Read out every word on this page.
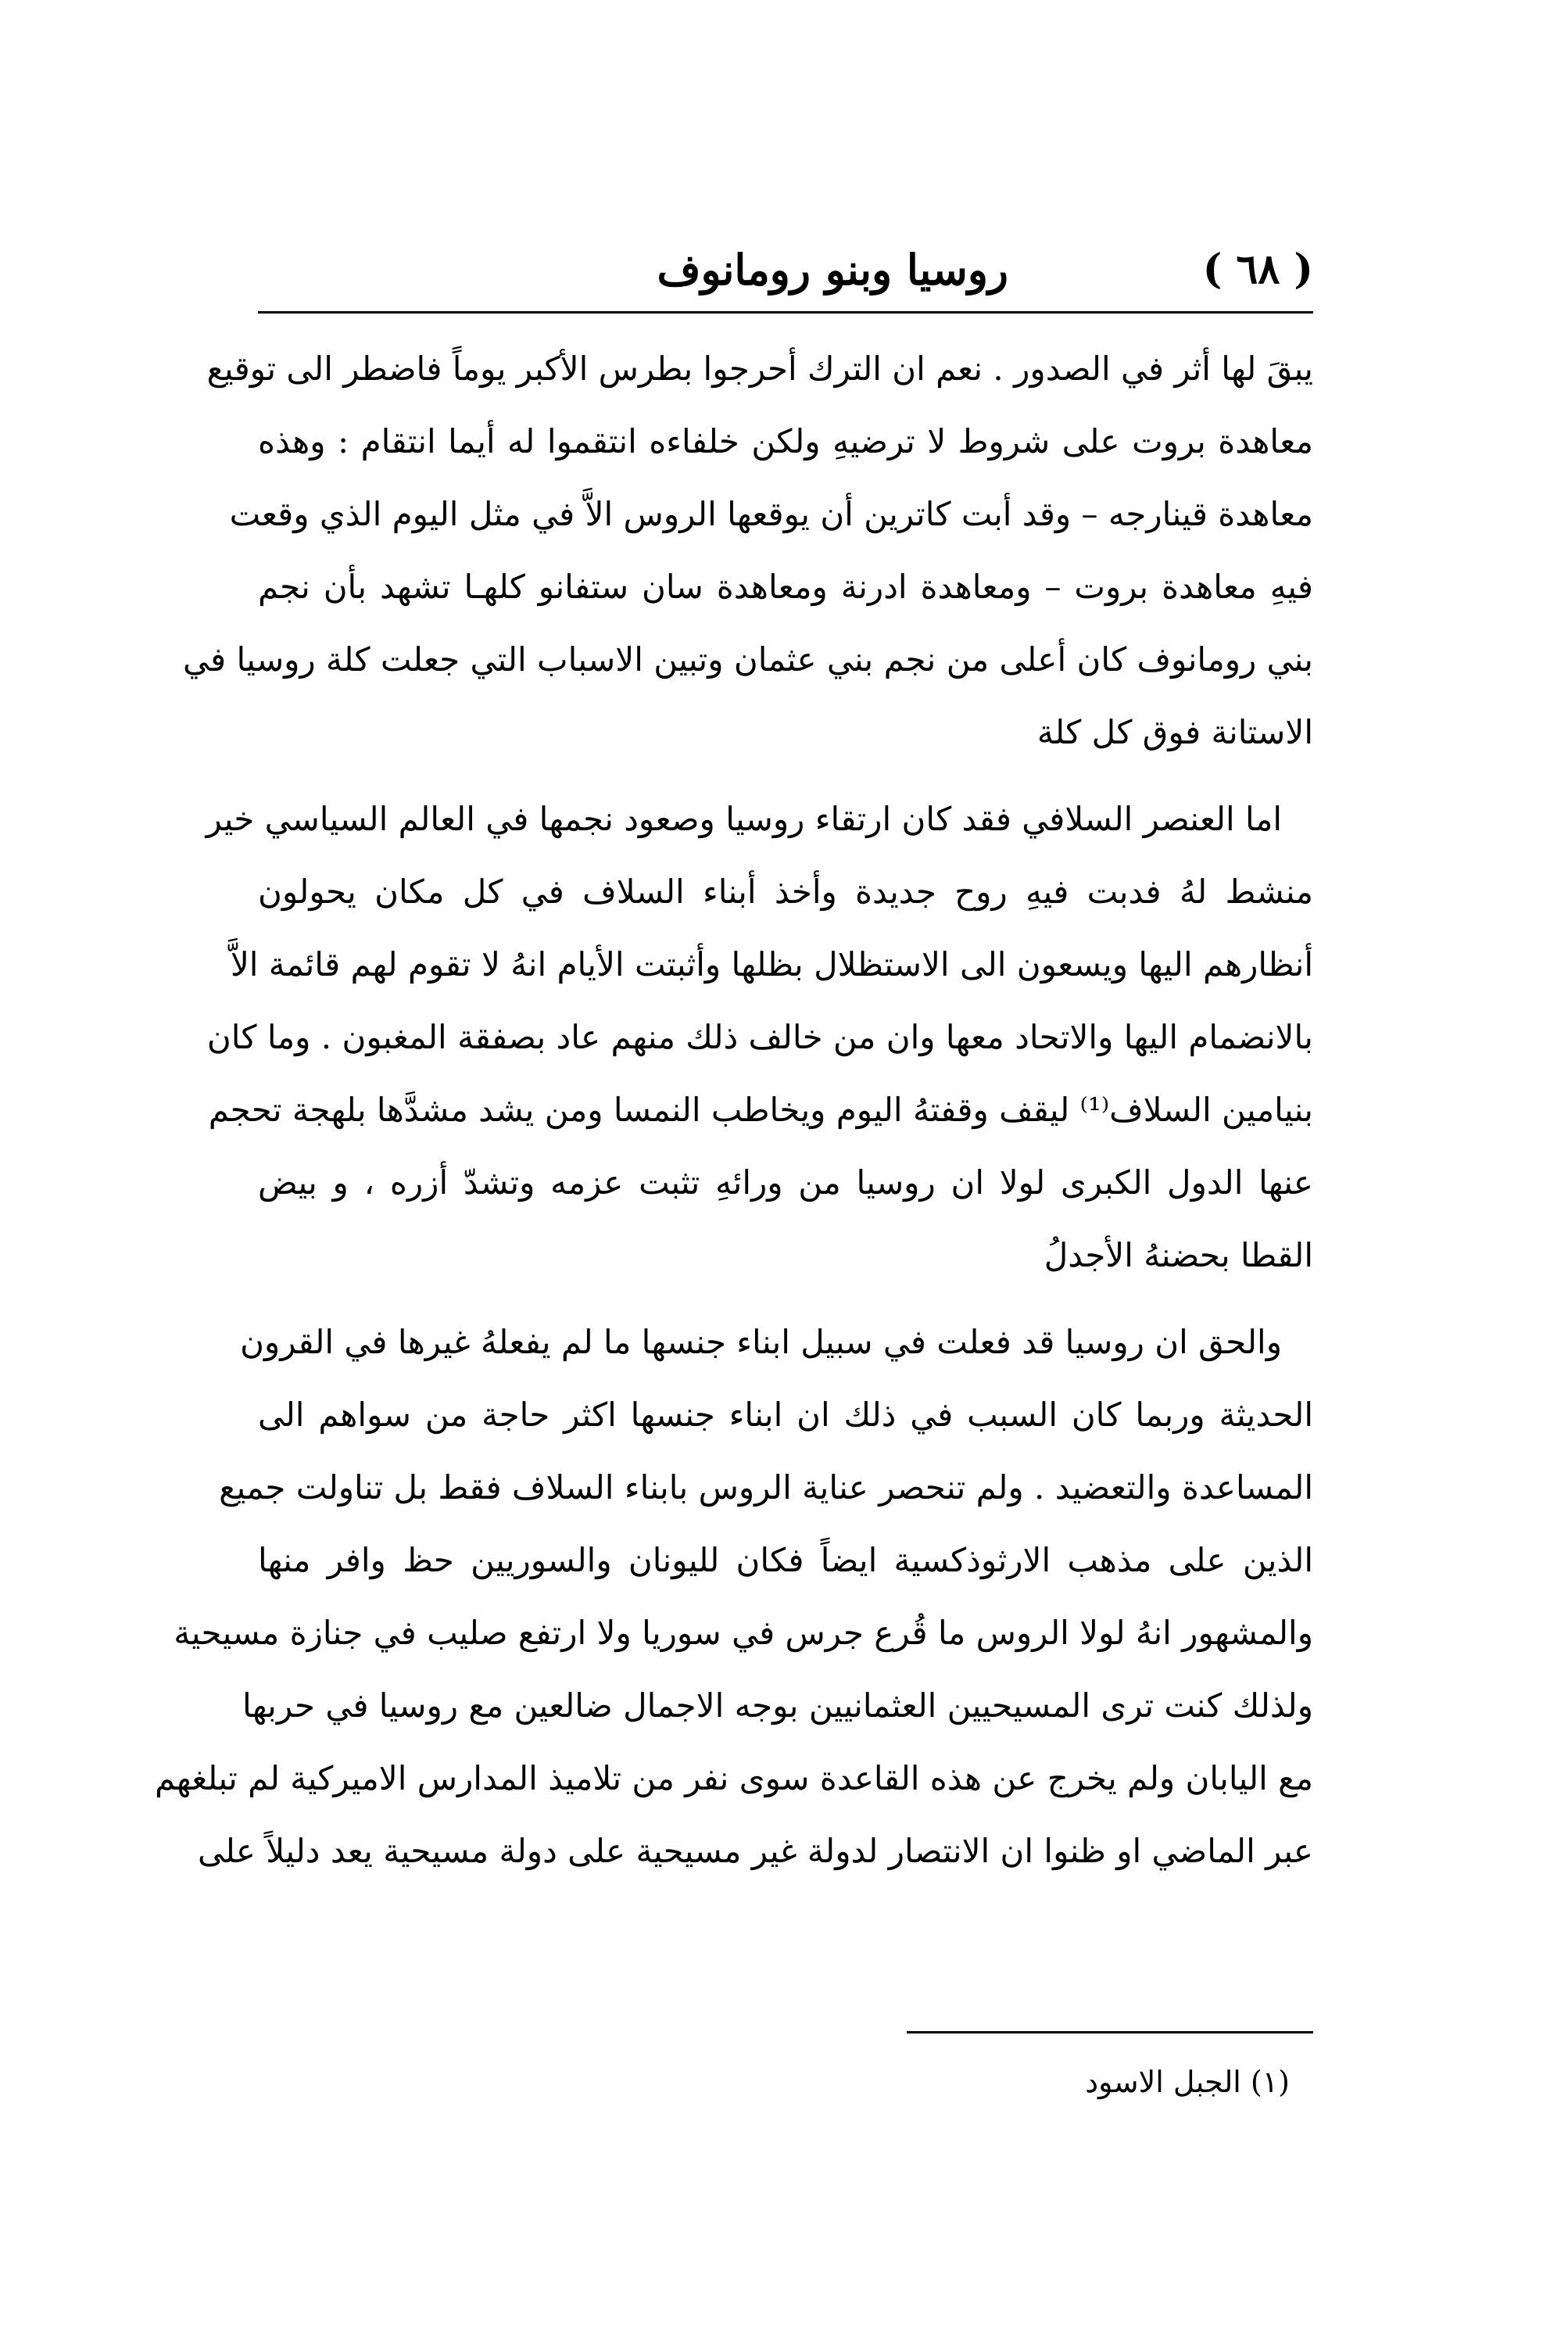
( ٦٨ )
روسيا وبنو رومانوف
يبقَ لها أثر في الصدور . نعم ان الترك أحرجوا بطرس الأكبر يوماً فاضطر الى توقيع
معاهدة بروت على شروط لا ترضيهِ ولكن خلفاءه انتقموا له أيما انتقام : وهذه
معاهدة قينارجه – وقد أبت كاترين أن يوقعها الروس الاَّ في مثل اليوم الذي وقعت
فيهِ معاهدة بروت – ومعاهدة ادرنة ومعاهدة سان ستفانو كلهـا تشهد بأن نجم
بني رومانوف كان أعلى من نجم بني عثمان وتبين الاسباب التي جعلت كلة روسيا في
الاستانة فوق كل كلة
اما العنصر السلافي فقد كان ارتقاء روسيا وصعود نجمها في العالم السياسي خير
منشط لهُ فدبت فيهِ روح جديدة وأخذ أبناء السلاف في كل مكان يحولون
أنظارهم اليها ويسعون الى الاستظلال بظلها وأثبتت الأيام انهُ لا تقوم لهم قائمة الاَّ
بالانضمام اليها والاتحاد معها وان من خالف ذلك منهم عاد بصفقة المغبون . وما كان
بنيامين السلاف⁽¹⁾ ليقف وقفتهُ اليوم ويخاطب النمسا ومن يشد مشدَّها بلهجة تحجم
عنها الدول الكبرى لولا ان روسيا من ورائهِ تثبت عزمه وتشدّ أزره ، و بيض
القطا بحضنهُ الأجدلُ
والحق ان روسيا قد فعلت في سبيل ابناء جنسها ما لم يفعلهُ غيرها في القرون
الحديثة وربما كان السبب في ذلك ان ابناء جنسها اكثر حاجة من سواهم الى
المساعدة والتعضيد . ولم تنحصر عناية الروس بابناء السلاف فقط بل تناولت جميع
الذين على مذهب الارثوذكسية ايضاً فكان لليونان والسوريين حظ وافر منها
والمشهور انهُ لولا الروس ما قُرع جرس في سوريا ولا ارتفع صليب في جنازة مسيحية
ولذلك كنت ترى المسيحيين العثمانيين بوجه الاجمال ضالعين مع روسيا في حربها
مع اليابان ولم يخرج عن هذه القاعدة سوى نفر من تلاميذ المدارس الاميركية لم تبلغهم
عبر الماضي او ظنوا ان الانتصار لدولة غير مسيحية على دولة مسيحية يعد دليلاً على
(١) الجبل الاسود
